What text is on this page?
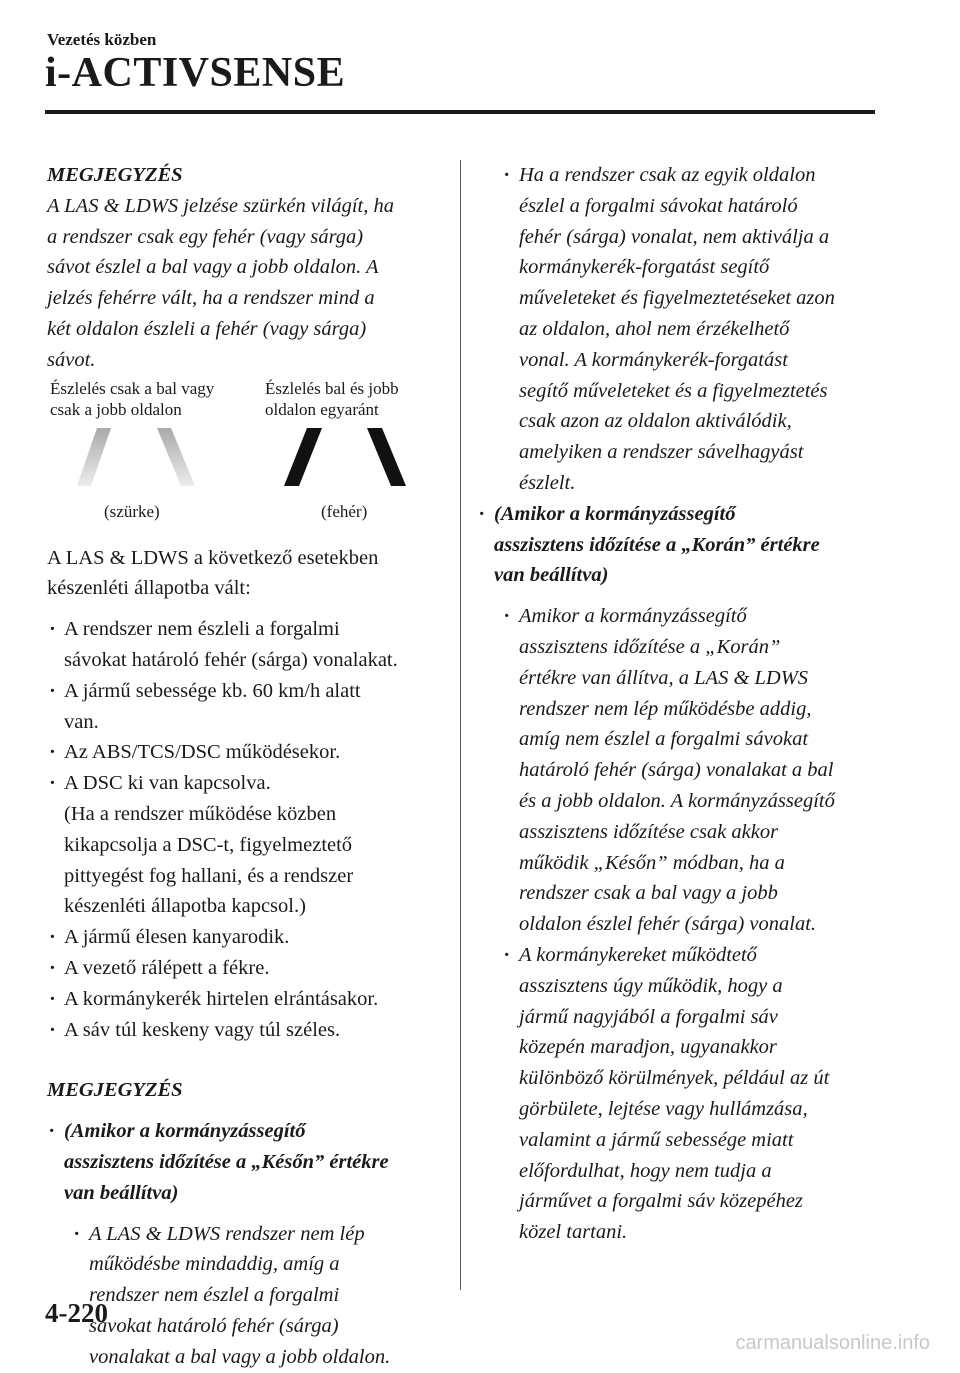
Vezetés közben
i-ACTIVSENSE
MEGJEGYZÉS
A LAS & LDWS jelzése szürkén világít, ha
a rendszer csak egy fehér (vagy sárga)
sávot észlel a bal vagy a jobb oldalon. A
jelzés fehérre vált, ha a rendszer mind a
két oldalon észleli a fehér (vagy sárga)
sávot.
Észlelés csak a bal vagy
csak a jobb oldalon
Észlelés bal és jobb
oldalon egyaránt
(szürke)	(fehér)
A LAS & LDWS a következő esetekben
készenléti állapotba vált:
· A rendszer nem észleli a forgalmi
sávokat határoló fehér (sárga) vonalakat.
· A jármű sebessége kb. 60 km/h alatt
van.
· Az ABS/TCS/DSC működésekor.
· A DSC ki van kapcsolva.
(Ha a rendszer működése közben
kikapcsolja a DSC-t, figyelmeztető
pittyegést fog hallani, és a rendszer
készenléti állapotba kapcsol.)
· A jármű élesen kanyarodik.
· A vezető rálépett a fékre.
· A kormánykerék hirtelen elrántásakor.
· A sáv túl keskeny vagy túl széles.
MEGJEGYZÉS
· (Amikor a kormányzássegítő
asszisztens időzítése a „Későn” értékre
van beállítva)
· A LAS & LDWS rendszer nem lép
működésbe mindaddig, amíg a
rendszer nem észlel a forgalmi
sávokat határoló fehér (sárga)
vonalakat a bal vagy a jobb oldalon.
· Ha a rendszer csak az egyik oldalon
észlel a forgalmi sávokat határoló
fehér (sárga) vonalat, nem aktiválja a
kormánykerék-forgatást segítő
műveleteket és figyelmeztetéseket azon
az oldalon, ahol nem érzékelhető
vonal. A kormánykerék-forgatást
segítő műveleteket és a figyelmeztetés
csak azon az oldalon aktiválódik,
amelyiken a rendszer sávelhagyást
észlelt.
· (Amikor a kormányzássegítő
asszisztens időzítése a „Korán” értékre
van beállítva)
· Amikor a kormányzássegítő
asszisztens időzítése a „Korán”
értékre van állítva, a LAS & LDWS
rendszer nem lép működésbe addig,
amíg nem észlel a forgalmi sávokat
határoló fehér (sárga) vonalakat a bal
és a jobb oldalon. A kormányzássegítő
asszisztens időzítése csak akkor
működik „Későn” módban, ha a
rendszer csak a bal vagy a jobb
oldalon észlel fehér (sárga) vonalat.
· A kormánykereket működtető
asszisztens úgy működik, hogy a
jármű nagyjából a forgalmi sáv
közepén maradjon, ugyanakkor
különböző körülmények, például az út
görbülete, lejtése vagy hullámzása,
valamint a jármű sebessége miatt
előfordulhat, hogy nem tudja a
járművet a forgalmi sáv közepéhez
közel tartani.
4-220
carmanualsonline.info
